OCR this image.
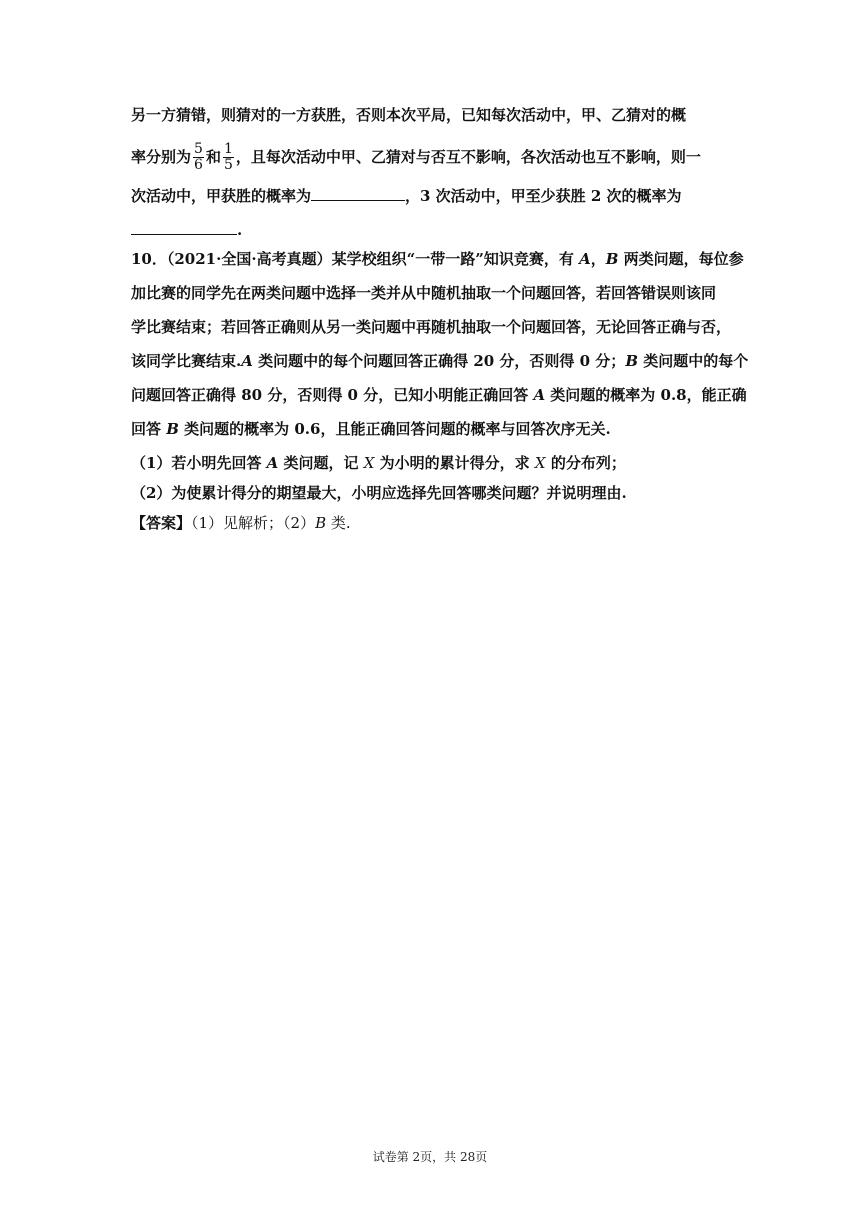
另一方猜错，则猜对的一方获胜，否则本次平局，已知每次活动中，甲、乙猜对的概
率分别为 $\frac{5}{6}$ 和 $\frac{1}{5}$ ，且每次活动中甲、乙猜对与否互不影响，各次活动也互不影响，则一
次活动中，甲获胜的概率为	，3 次活动中，甲至少获胜 2 次的概率为
.
10．（2021·全国·高考真题）某学校组织“一带一路”知识竞赛，有 A，B 两类问题，每位参
加比赛的同学先在两类问题中选择一类并从中随机抽取一个问题回答，若回答错误则该同
学比赛结束；若回答正确则从另一类问题中再随机抽取一个问题回答，无论回答正确与否，
该同学比赛结束.A 类问题中的每个问题回答正确得 20 分，否则得 0 分；B 类问题中的每个
问题回答正确得 80 分，否则得 0 分，已知小明能正确回答 A 类问题的概率为 0.8，能正确
回答 B 类问题的概率为 0.6，且能正确回答问题的概率与回答次序无关.
（1）若小明先回答 A 类问题，记 X 为小明的累计得分，求 X 的分布列；
（2）为使累计得分的期望最大，小明应选择先回答哪类问题？并说明理由.
【答案】（1）见解析；（2）B 类.
试卷第 2页，共 28页
